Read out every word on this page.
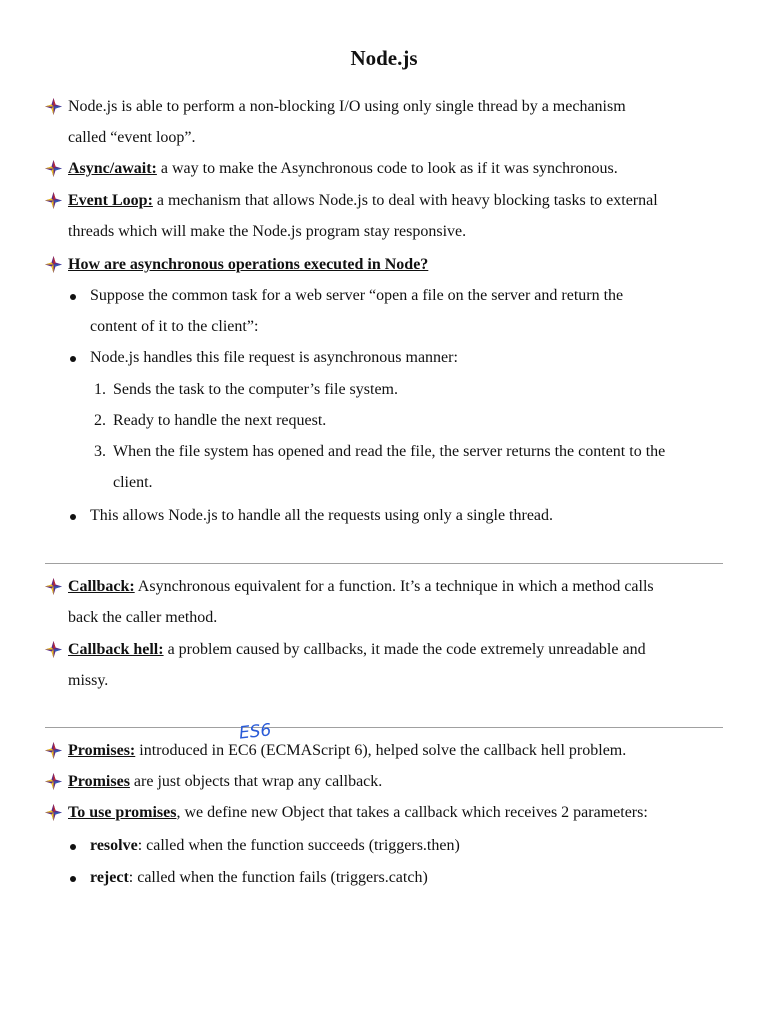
Node.js
Node.js is able to perform a non-blocking I/O using only single thread by a mechanism
called “event loop”.
Async/await: a way to make the Asynchronous code to look as if it was synchronous.
Event Loop: a mechanism that allows Node.js to deal with heavy blocking tasks to external
threads which will make the Node.js program stay responsive.
How are asynchronous operations executed in Node?
Suppose the common task for a web server “open a file on the server and return the
content of it to the client”:
Node.js handles this file request is asynchronous manner:
1. Sends the task to the computer’s file system.
2. Ready to handle the next request.
3. When the file system has opened and read the file, the server returns the content to the
client.
This allows Node.js to handle all the requests using only a single thread.
Callback: Asynchronous equivalent for a function. It’s a technique in which a method calls
back the caller method.
Callback hell: a problem caused by callbacks, it made the code extremely unreadable and
missy.
ES6
Promises: introduced in EC6 (ECMAScript 6), helped solve the callback hell problem.
Promises are just objects that wrap any callback.
To use promises, we define new Object that takes a callback which receives 2 parameters:
resolve: called when the function succeeds (triggers.then)
reject: called when the function fails (triggers.catch)
